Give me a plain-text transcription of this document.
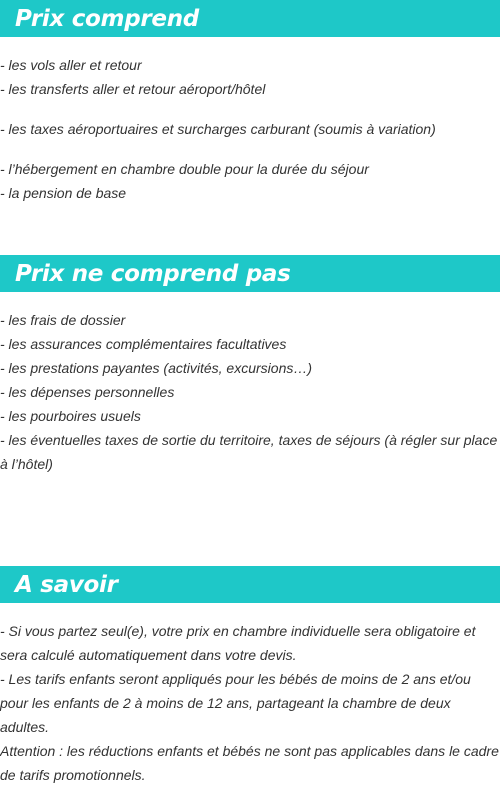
Prix comprend
- les vols aller et retour
- les transferts aller et retour aéroport/hôtel
- les taxes aéroportuaires et surcharges carburant (soumis à variation)
- l’hébergement en chambre double pour la durée du séjour
- la pension de base
Prix ne comprend pas
- les frais de dossier
- les assurances complémentaires facultatives
- les prestations payantes (activités, excursions…)
- les dépenses personnelles
- les pourboires usuels
- les éventuelles taxes de sortie du territoire, taxes de séjours (à régler sur place à l’hôtel)
A savoir
- Si vous partez seul(e), votre prix en chambre individuelle sera obligatoire et sera calculé automatiquement dans votre devis.
- Les tarifs enfants seront appliqués pour les bébés de moins de 2 ans et/ou pour les enfants de 2 à moins de 12 ans, partageant la chambre de deux adultes.
Attention : les réductions enfants et bébés ne sont pas applicables dans le cadre de tarifs promotionnels.
